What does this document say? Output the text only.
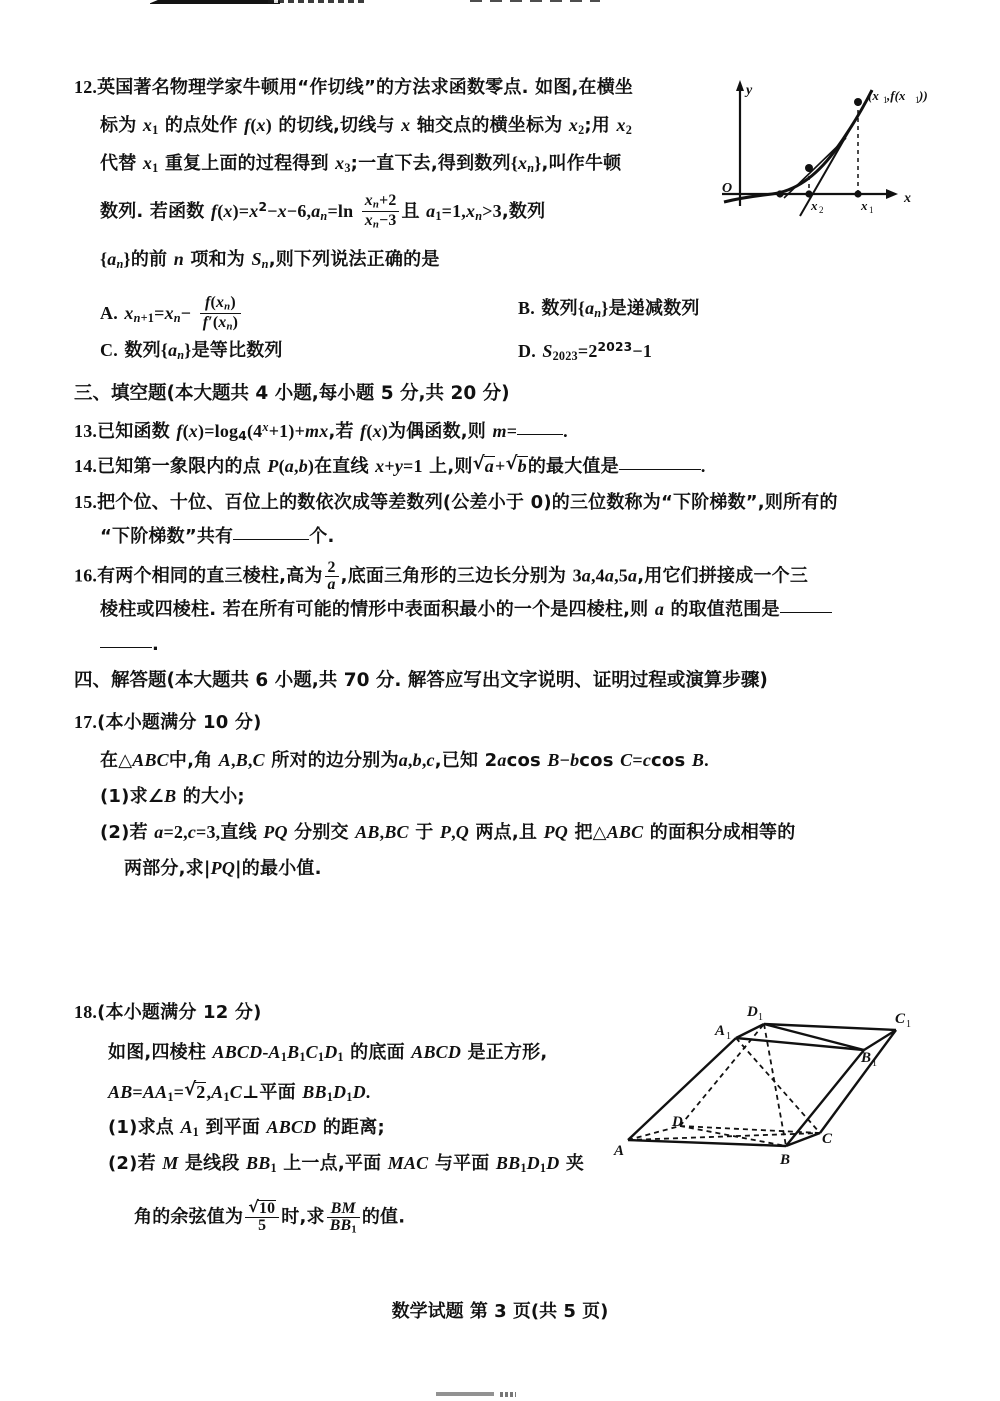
12.英国著名物理学家牛顿用“作切线”的方法求函数零点. 如图,在横坐
标为 x1 的点处作 f(x) 的切线,切线与 x 轴交点的横坐标为 x2;用 x2
代替 x1 重复上面的过程得到 x3;一直下去,得到数列$\{x_n\}$,叫作牛顿
数列. 若函数 $f(x)=x^2-x-6,a_n=\ln \frac{x_n+2}{x_n-3}$ 且 $a1=1,x_n>3$,数列
$\{a_n\}$的前 n 项和为 $S_n$,则下列说法正确的是
A. $x_n+1=x_n- \frac{f(x_n)}{f'(x_n)}$	B. 数列$\{a_n\}$是递减数列
C. 数列$\{a_n\}$是等比数列	D. $S2023=2^{2023}-1$
y
x
O
x 2	x 1
(x 1 ,f(x 1 ))
三、填空题(本大题共 4 小题,每小题 5 分,共 20 分)
13.已知函数 $f(x)=\log 4(4^x+1)+mx$,若 f(x)为偶函数,则 m=	.
14.已知第一象限内的点 P(a,b)在直线 x+y=1 上,则 √ a+ √ b的最大值是	.
15.把个位、十位、百位上的数依次成等差数列(公差小于 0)的三位数称为“下阶梯数”,则所有的
“下阶梯数”共有	个.
16.有两个相同的直三棱柱,高为 $\frac{2}{a}$ ,底面三角形的三边长分别为 3a,4a,5a,用它们拼接成一个三
棱柱或四棱柱. 若在所有可能的情形中表面积最小的一个是四棱柱,则 a 的取值范围是
.
四、解答题(本大题共 6 小题,共 70 分. 解答应写出文字说明、证明过程或演算步骤)
17.(本小题满分 10 分)
在△ABC中,角 A,B,C 所对的边分别为a,b,c,已知 2acos B−bcos C=ccos B.
(1)求∠B 的大小;
(2)若 a=2,c=3,直线 PQ 分别交 AB,BC 于 P,Q 两点,且 PQ 把△ABC 的面积分成相等的
两部分,求|PQ|的最小值.
18.(本小题满分 12 分)
如图,四棱柱 ABCD-A1B1C1D1 的底面 ABCD 是正方形,
AB=AA1= √ 2,A1C⊥平面 BB1D1D.
(1)求点 A1 到平面 ABCD 的距离;
(2)若 M 是线段 BB1 上一点,平面 MAC 与平面 BB1D1D 夹
角的余弦值为 √ $\frac{10}{5}$ 时,求 $\frac{BM}{BB1}$ 的值.
D 1	C 1
A 1
B 1
D
C
A
B
数学试题 第 3 页(共 5 页)
